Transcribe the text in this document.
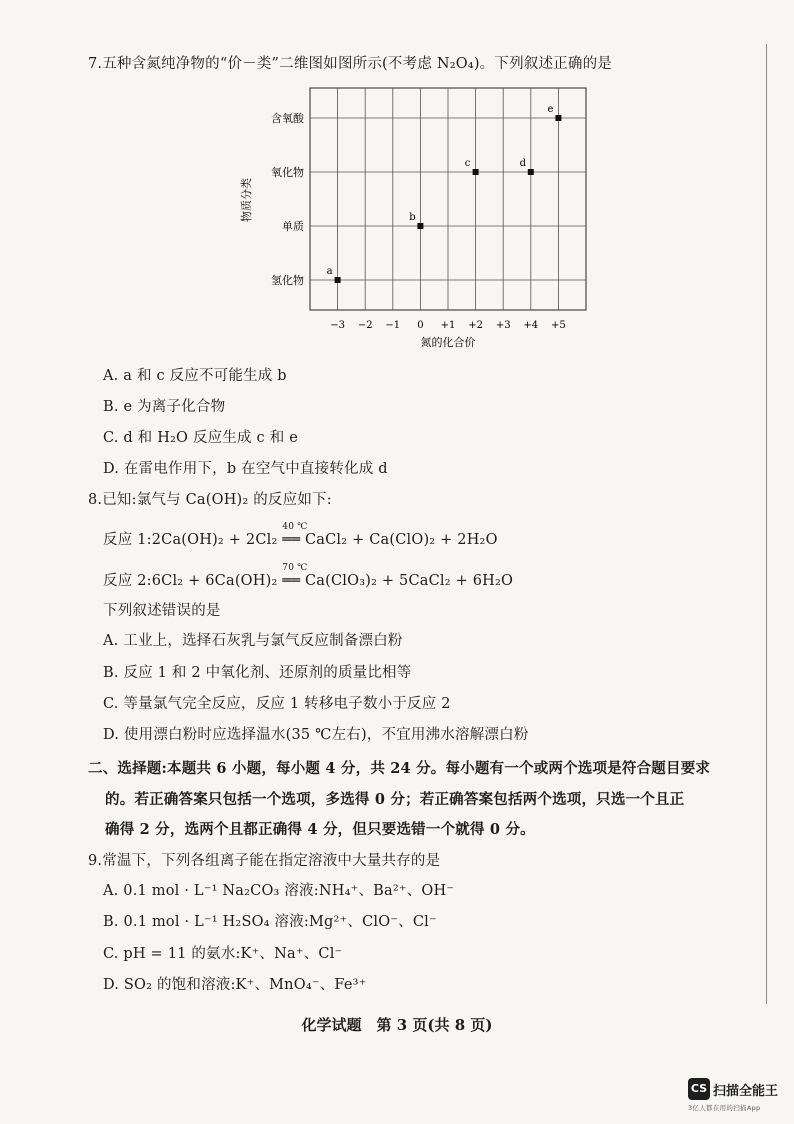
7.五种含氮纯净物的“价－类”二维图如图所示(不考虑 N₂O₄)。下列叙述正确的是
氢化物
单质
氧化物
含氧酸
−3 −2 −1 0 +1 +2 +3 +4 +5
a
b
c	d
e
物质分类
氮的化合价
A. a 和 c 反应不可能生成 b
B. e 为离子化合物
C. d 和 H₂O 反应生成 c 和 e
D. 在雷电作用下，b 在空气中直接转化成 d
8.已知:氯气与 Ca(OH)₂ 的反应如下:
反应 1:2Ca(OH)₂ + 2Cl₂
40 ℃
══ CaCl₂ + Ca(ClO)₂ + 2H₂O
反应 2:6Cl₂ + 6Ca(OH)₂
70 ℃
══ Ca(ClO₃)₂ + 5CaCl₂ + 6H₂O
下列叙述错误的是
A. 工业上，选择石灰乳与氯气反应制备漂白粉
B. 反应 1 和 2 中氧化剂、还原剂的质量比相等
C. 等量氯气完全反应，反应 1 转移电子数小于反应 2
D. 使用漂白粉时应选择温水(35 ℃左右)，不宜用沸水溶解漂白粉
二、选择题:本题共 6 小题，每小题 4 分，共 24 分。每小题有一个或两个选项是符合题目要求
的。若正确答案只包括一个选项，多选得 0 分；若正确答案包括两个选项，只选一个且正
确得 2 分，选两个且都正确得 4 分，但只要选错一个就得 0 分。
9.常温下，下列各组离子能在指定溶液中大量共存的是
A. 0.1 mol · L⁻¹ Na₂CO₃ 溶液:NH₄⁺、Ba²⁺、OH⁻
B. 0.1 mol · L⁻¹ H₂SO₄ 溶液:Mg²⁺、ClO⁻、Cl⁻
C. pH = 11 的氨水:K⁺、Na⁺、Cl⁻
D. SO₂ 的饱和溶液:K⁺、MnO₄⁻、Fe³⁺
化学试题　第 3 页(共 8 页)
CS 扫描全能王
3亿人都在用的扫描App
